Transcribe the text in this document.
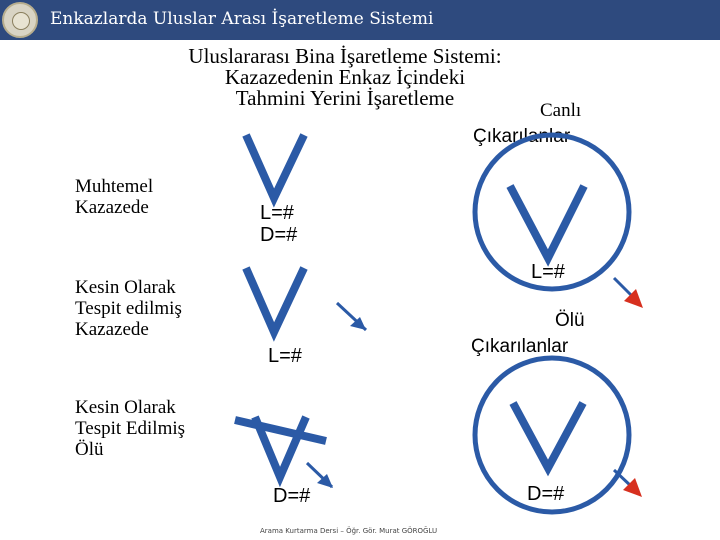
Enkazlarda Uluslar Arası İşaretleme Sistemi
Uluslararası Bina İşaretleme Sistemi:
Kazazedenin Enkaz İçindeki
Tahmini Yerini İşaretleme
Canlı
Çıkarılanlar
Muhtemel
Kazazede
Kesin Olarak
Tespit edilmiş
Kazazede
Kesin Olarak
Tespit Edilmiş
Ölü
Ölü
Çıkarılanlar
L=#
D=#
L=#
D=#
L=#
D=#
Arama Kurtarma Dersi – Öğr. Gör. Murat GÖROĞLU
